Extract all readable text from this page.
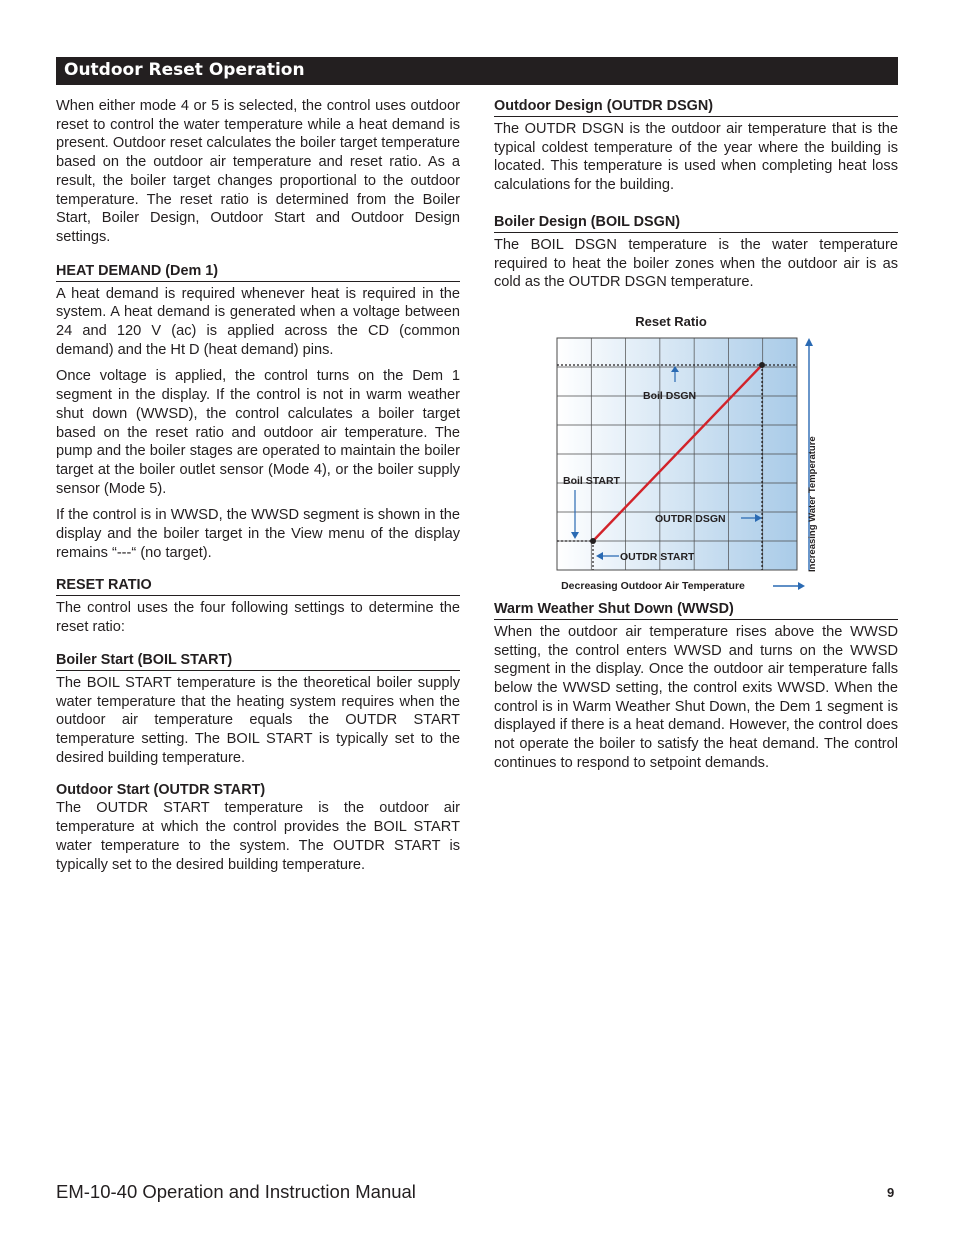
Outdoor Reset Operation

When either mode 4 or 5 is selected, the control uses outdoor reset to control the water temperature while a heat demand is present. Outdoor reset calculates the boiler target temperature based on the outdoor air temperature and reset ratio. As a result, the boiler target changes proportional to the outdoor temperature. The reset ratio is determined from the Boiler Start, Boiler Design, Outdoor Start and Outdoor Design settings.

HEAT DEMAND (Dem 1)

A heat demand is required whenever heat is required in the system. A heat demand is generated when a voltage between 24 and 120 V (ac) is applied across the CD (common demand) and the Ht D (heat demand) pins.

Once voltage is applied, the control turns on the Dem 1 segment in the display. If the control is not in warm weather shut down (WWSD), the control calculates a boiler target based on the reset ratio and outdoor air temperature. The pump and the boiler stages are operated to maintain the boiler target at the boiler outlet sensor (Mode 4), or the boiler supply sensor (Mode 5).

If the control is in WWSD, the WWSD segment is shown in the display and the boiler target in the View menu of the display remains “---“ (no target).

RESET RATIO

The control uses the four following settings to determine the reset ratio:

Boiler Start (BOIL START)

The BOIL START temperature is the theoretical boiler supply water temperature that the heating system requires when the outdoor air temperature equals the OUTDR START temperature setting. The BOIL START is typically set to the desired building temperature.

Outdoor Start (OUTDR START)

The OUTDR START temperature is the outdoor air temperature at which the control provides the BOIL START water temperature to the system. The OUTDR START is typically set to the desired building temperature.

Outdoor Design (OUTDR DSGN)

The OUTDR DSGN is the outdoor air temperature that is the typical coldest temperature of the year where the building is located. This temperature is used when completing heat loss calculations for the building.

Boiler Design (BOIL DSGN)

The BOIL DSGN temperature is the water temperature required to heat the boiler zones when the outdoor air is as cold as the OUTDR DSGN temperature.

Warm Weather Shut Down (WWSD)

When the outdoor air temperature rises above the WWSD setting, the control enters WWSD and turns on the WWSD segment in the display. Once the outdoor air temperature falls below the WWSD setting, the control exits WWSD. When the control is in Warm Weather Shut Down, the Dem 1 segment is displayed if there is a heat demand. However, the control does not operate the boiler to satisfy the heat demand. The control continues to respond to setpoint demands.

Reset Ratio
Boil DSGN
Boil START
OUTDR DSGN
OUTDR START	Increasing Water Temperature
Decreasing Outdoor Air Temperature
EM-10-40 Operation and Instruction Manual	9
